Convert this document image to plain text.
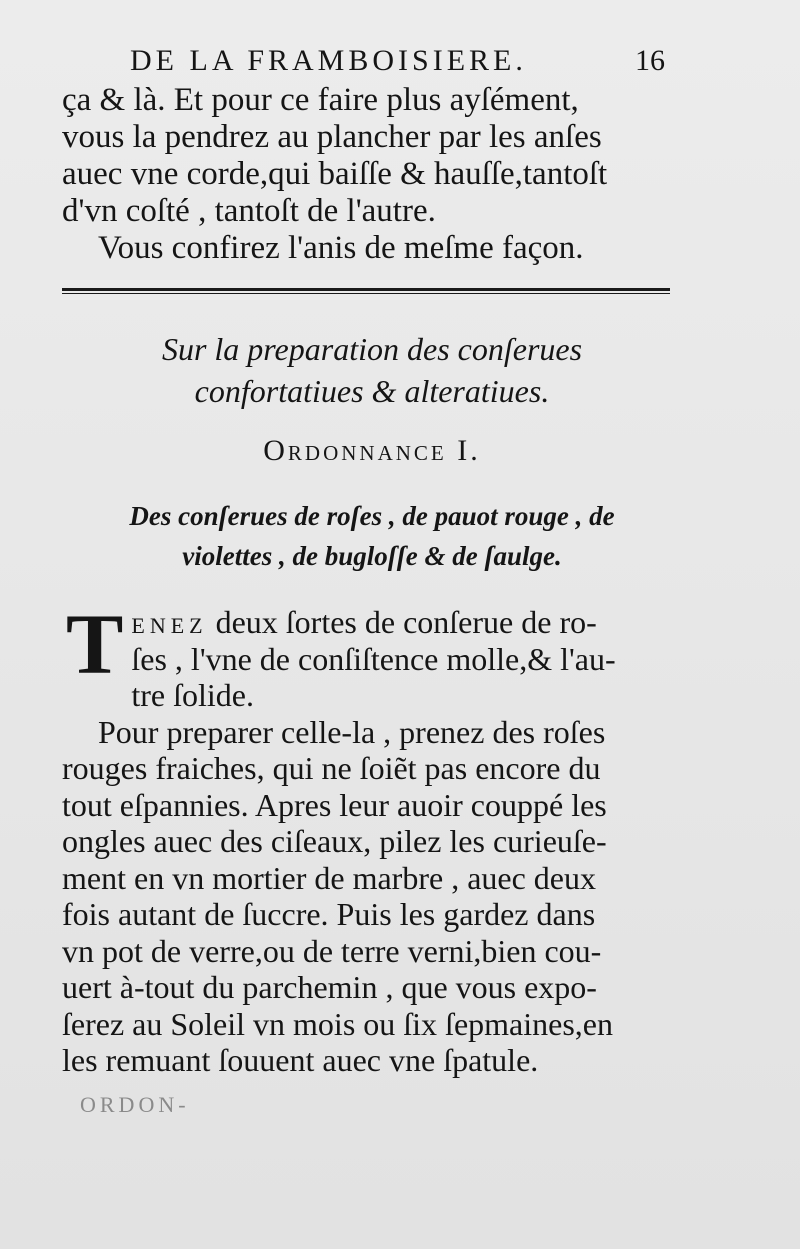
DE LA FRAMBOISIERE.	16
ça & là. Et pour ce faire plus ayſément,
vous la pendrez au plancher par les anſes
auec vne corde,qui baiſſe & hauſſe,tantoſt
d'vn coſté , tantoſt de l'autre.
Vous confirez l'anis de meſme façon.
Sur la preparation des conſerues
confortatiues & alteratiues.
Ordonnance I.
Des conſerues de roſes , de pauot rouge , de
violettes , de bugloſſe & de ſaulge.
T enez deux ſortes de conſerue de ro-
ſes , l'vne de conſiſtence molle,& l'au-
tre ſolide.
Pour preparer celle-la , prenez des roſes
rouges fraiches, qui ne ſoiẽt pas encore du
tout eſpannies. Apres leur auoir couppé les
ongles auec des ciſeaux, pilez les curieuſe-
ment en vn mortier de marbre , auec deux
fois autant de ſuccre. Puis les gardez dans
vn pot de verre,ou de terre verni,bien cou-
uert à-tout du parchemin , que vous expo-
ſerez au Soleil vn mois ou ſix ſepmaines,en
les remuant ſouuent auec vne ſpatule.
ORDON-
